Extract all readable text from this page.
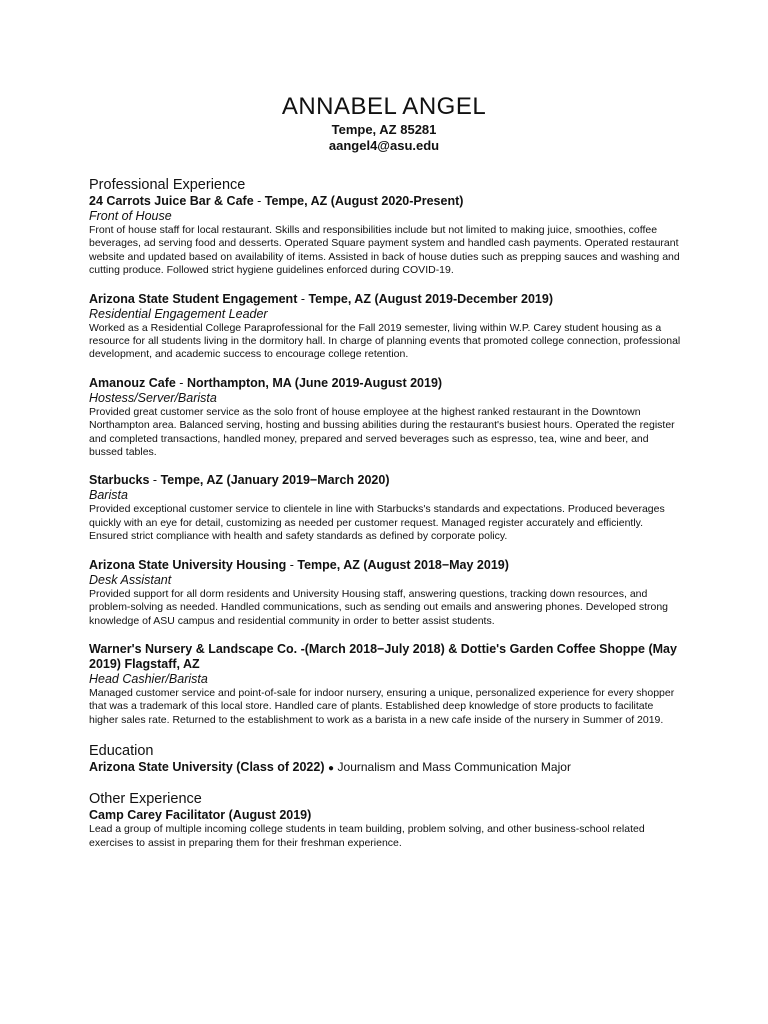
ANNABEL ANGEL

Tempe, AZ 85281

aangel4@asu.edu

Professional Experience

24 Carrots Juice Bar & Cafe - Tempe, AZ (August 2020-Present)

Front of House

Front of house staff for local restaurant. Skills and responsibilities include but not limited to making juice, smoothies, coffee beverages, ad serving food and desserts. Operated Square payment system and handled cash payments. Operated restaurant website and updated based on availability of items. Assisted in back of house duties such as prepping sauces and washing and cutting produce. Followed strict hygiene guidelines enforced during COVID-19.

Arizona State Student Engagement - Tempe, AZ (August 2019-December 2019)

Residential Engagement Leader

Worked as a Residential College Paraprofessional for the Fall 2019 semester, living within W.P. Carey student housing as a resource for all students living in the dormitory hall. In charge of planning events that promoted college connection, professional development, and academic success to encourage college retention.

Amanouz Cafe - Northampton, MA (June 2019-August 2019)

Hostess/Server/Barista

Provided great customer service as the solo front of house employee at the highest ranked restaurant in the Downtown Northampton area. Balanced serving, hosting and bussing abilities during the restaurant's busiest hours. Operated the register and completed transactions, handled money, prepared and served beverages such as espresso, tea, wine and beer, and bussed tables.

Starbucks - Tempe, AZ (January 2019−March 2020)

Barista

Provided exceptional customer service to clientele in line with Starbucks's standards and expectations. Produced beverages quickly with an eye for detail, customizing as needed per customer request. Managed register accurately and efficiently. Ensured strict compliance with health and safety standards as defined by corporate policy.

Arizona State University Housing - Tempe, AZ (August 2018−May 2019)

Desk Assistant

Provided support for all dorm residents and University Housing staff, answering questions, tracking down resources, and problem-solving as needed. Handled communications, such as sending out emails and answering phones. Developed strong knowledge of ASU campus and residential community in order to better assist students.

Warner's Nursery & Landscape Co. -(March 2018−July 2018) & Dottie's Garden Coffee Shoppe (May 2019) Flagstaff, AZ

Head Cashier/Barista

Managed customer service and point-of-sale for indoor nursery, ensuring a unique, personalized experience for every shopper that was a trademark of this local store. Handled care of plants. Established deep knowledge of store products to facilitate higher sales rate. Returned to the establishment to work as a barista in a new cafe inside of the nursery in Summer of 2019.

Education

Arizona State University (Class of 2022) ● Journalism and Mass Communication Major

Other Experience

Camp Carey Facilitator (August 2019)

Lead a group of multiple incoming college students in team building, problem solving, and other business-school related exercises to assist in preparing them for their freshman experience.
